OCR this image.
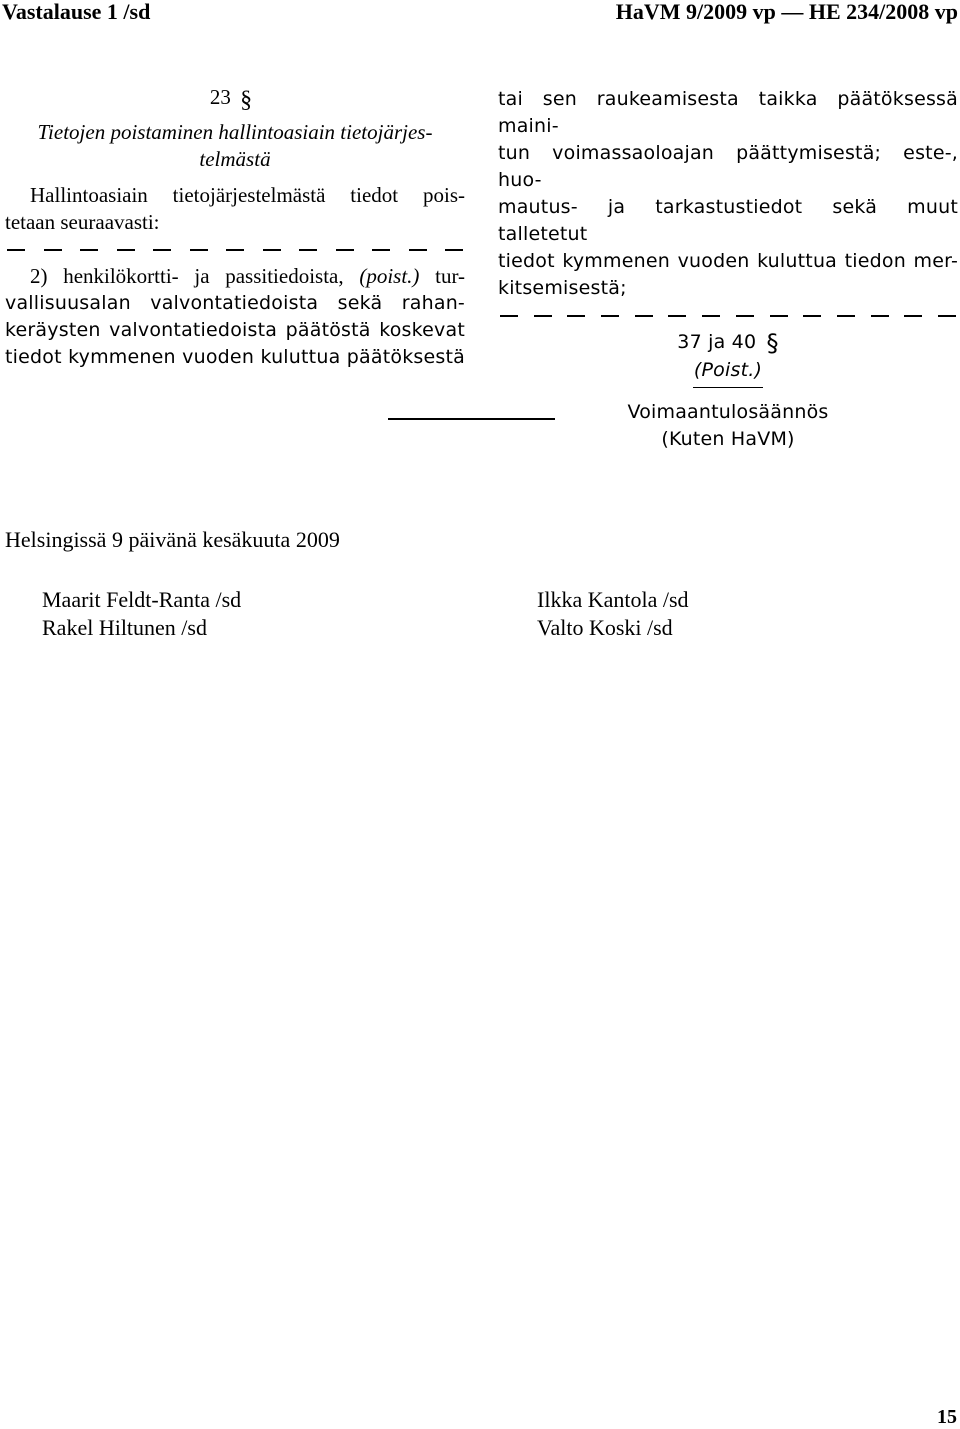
Vastalause 1 /sd	HaVM 9/2009 vp — HE 234/2008 vp
23 §
Tietojen poistaminen hallintoasiain tietojärjes-
telmästä
Hallintoasiain tietojärjestelmästä tiedot pois-
tetaan seuraavasti:
2) henkilökortti- ja passitiedoista, (poist.) tur-
vallisuusalan valvontatiedoista sekä rahan-
keräysten valvontatiedoista päätöstä koskevat
tiedot kymmenen vuoden kuluttua päätöksestä
tai sen raukeamisesta taikka päätöksessä maini-
tun voimassaoloajan päättymisestä; este-, huo-
mautus- ja tarkastustiedot sekä muut talletetut
tiedot kymmenen vuoden kuluttua tiedon mer-
kitsemisestä;
37 ja 40 §
(Poist.)
Voimaantulosäännös
(Kuten HaVM)
Helsingissä 9 päivänä kesäkuuta 2009
Maarit Feldt-Ranta /sd
Rakel Hiltunen /sd
Ilkka Kantola /sd
Valto Koski /sd
15
